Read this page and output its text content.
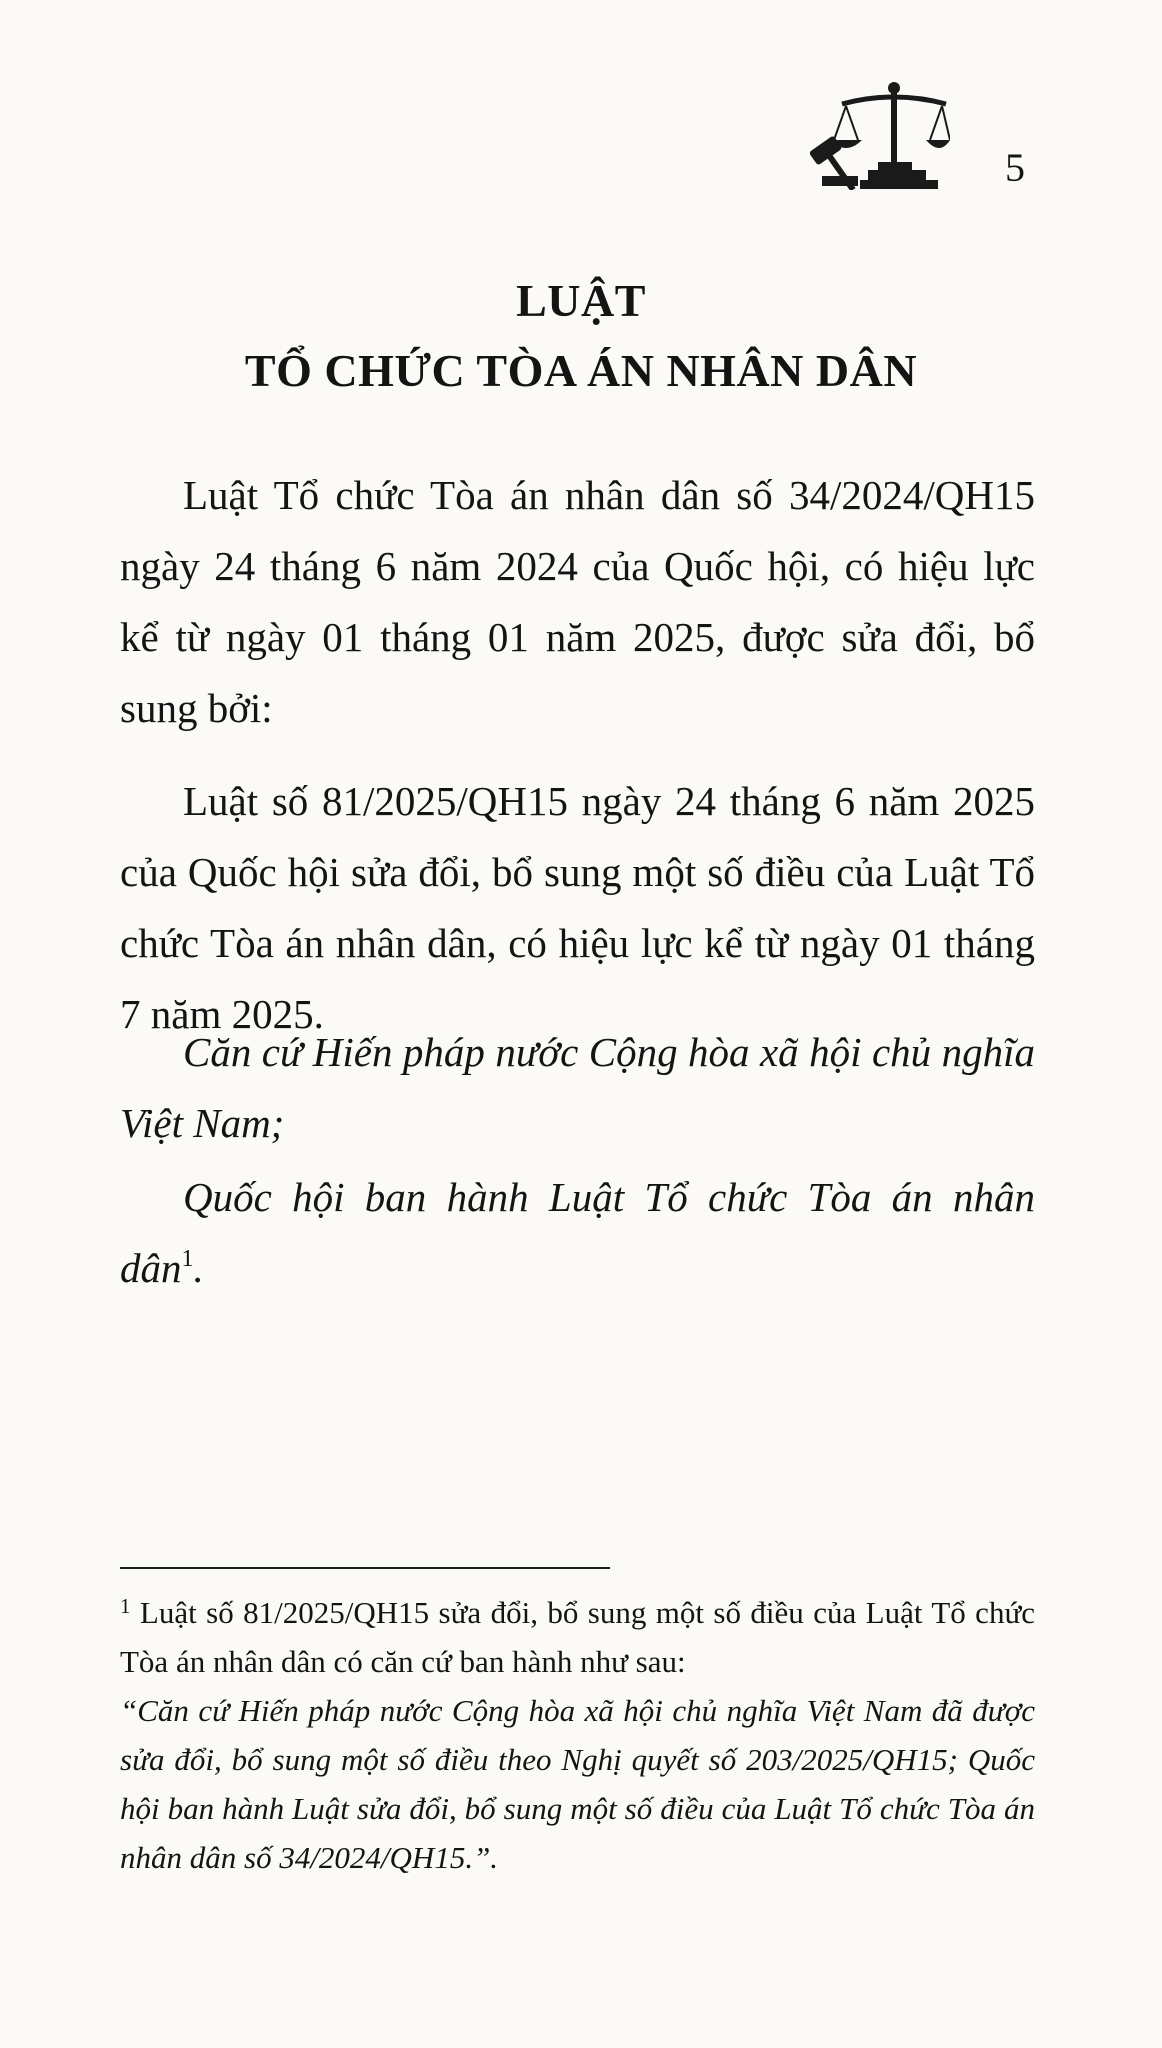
5
LUẬT
TỔ CHỨC TÒA ÁN NHÂN DÂN

Luật Tổ chức Tòa án nhân dân số 34/2024/QH15 ngày 24 tháng 6 năm 2024 của Quốc hội, có hiệu lực kể từ ngày 01 tháng 01 năm 2025, được sửa đổi, bổ sung bởi:

Luật số 81/2025/QH15 ngày 24 tháng 6 năm 2025 của Quốc hội sửa đổi, bổ sung một số điều của Luật Tổ chức Tòa án nhân dân, có hiệu lực kể từ ngày 01 tháng 7 năm 2025.

Căn cứ Hiến pháp nước Cộng hòa xã hội chủ nghĩa Việt Nam;

Quốc hội ban hành Luật Tổ chức Tòa án nhân dân$^1$.

$^1$ Luật số 81/2025/QH15 sửa đổi, bổ sung một số điều của Luật Tổ chức Tòa án nhân dân có căn cứ ban hành như sau:

“Căn cứ Hiến pháp nước Cộng hòa xã hội chủ nghĩa Việt Nam đã được sửa đổi, bổ sung một số điều theo Nghị quyết số 203/2025/QH15; Quốc hội ban hành Luật sửa đổi, bổ sung một số điều của Luật Tổ chức Tòa án nhân dân số 34/2024/QH15.”.
